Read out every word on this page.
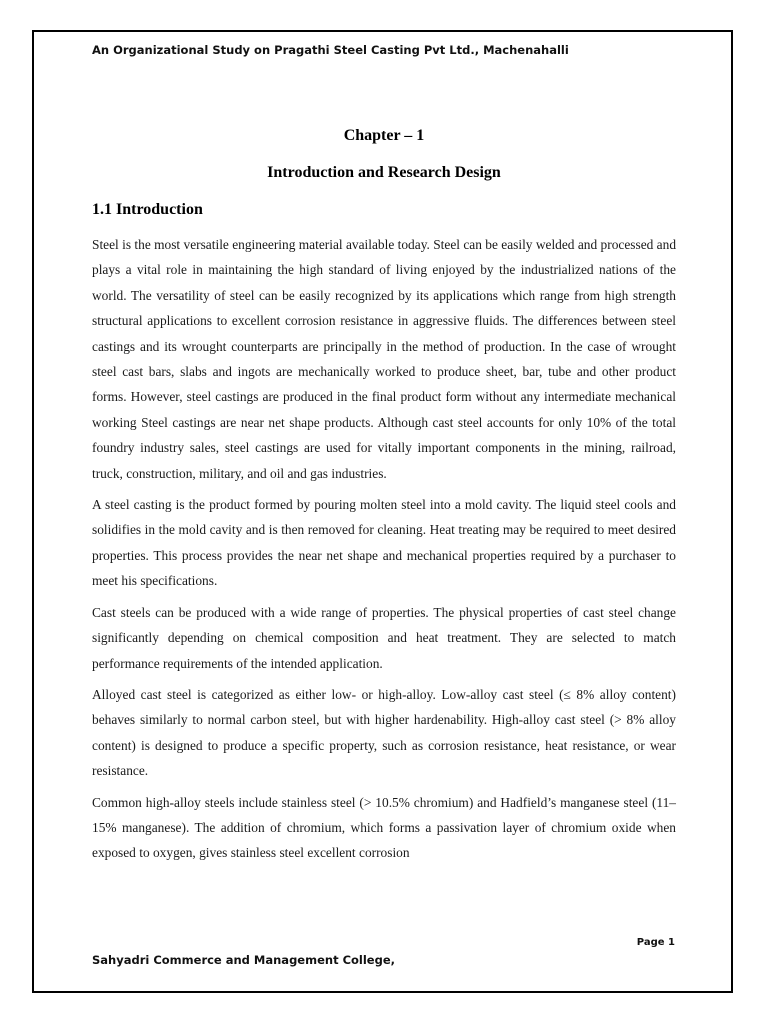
An Organizational Study on Pragathi Steel Casting Pvt Ltd., Machenahalli
Chapter – 1
Introduction and Research Design
1.1 Introduction

Steel is the most versatile engineering material available today. Steel can be easily welded and processed and plays a vital role in maintaining the high standard of living enjoyed by the industrialized nations of the world. The versatility of steel can be easily recognized by its applications which range from high strength structural applications to excellent corrosion resistance in aggressive fluids. The differences between steel castings and its wrought counterparts are principally in the method of production. In the case of wrought steel cast bars, slabs and ingots are mechanically worked to produce sheet, bar, tube and other product forms. However, steel castings are produced in the final product form without any intermediate mechanical working Steel castings are near net shape products. Although cast steel accounts for only 10% of the total foundry industry sales, steel castings are used for vitally important components in the mining, railroad, truck, construction, military, and oil and gas industries.

A steel casting is the product formed by pouring molten steel into a mold cavity. The liquid steel cools and solidifies in the mold cavity and is then removed for cleaning. Heat treating may be required to meet desired properties. This process provides the near net shape and mechanical properties required by a purchaser to meet his specifications.

Cast steels can be produced with a wide range of properties. The physical properties of cast steel change significantly depending on chemical composition and heat treatment. They are selected to match performance requirements of the intended application.

Alloyed cast steel is categorized as either low- or high-alloy. Low-alloy cast steel (≤ 8% alloy content) behaves similarly to normal carbon steel, but with higher hardenability. High-alloy cast steel (> 8% alloy content) is designed to produce a specific property, such as corrosion resistance, heat resistance, or wear resistance.

Common high-alloy steels include stainless steel (> 10.5% chromium) and Hadfield’s manganese steel (11–15% manganese). The addition of chromium, which forms a passivation layer of chromium oxide when exposed to oxygen, gives stainless steel excellent corrosion

Page 1
Sahyadri Commerce and Management College,
